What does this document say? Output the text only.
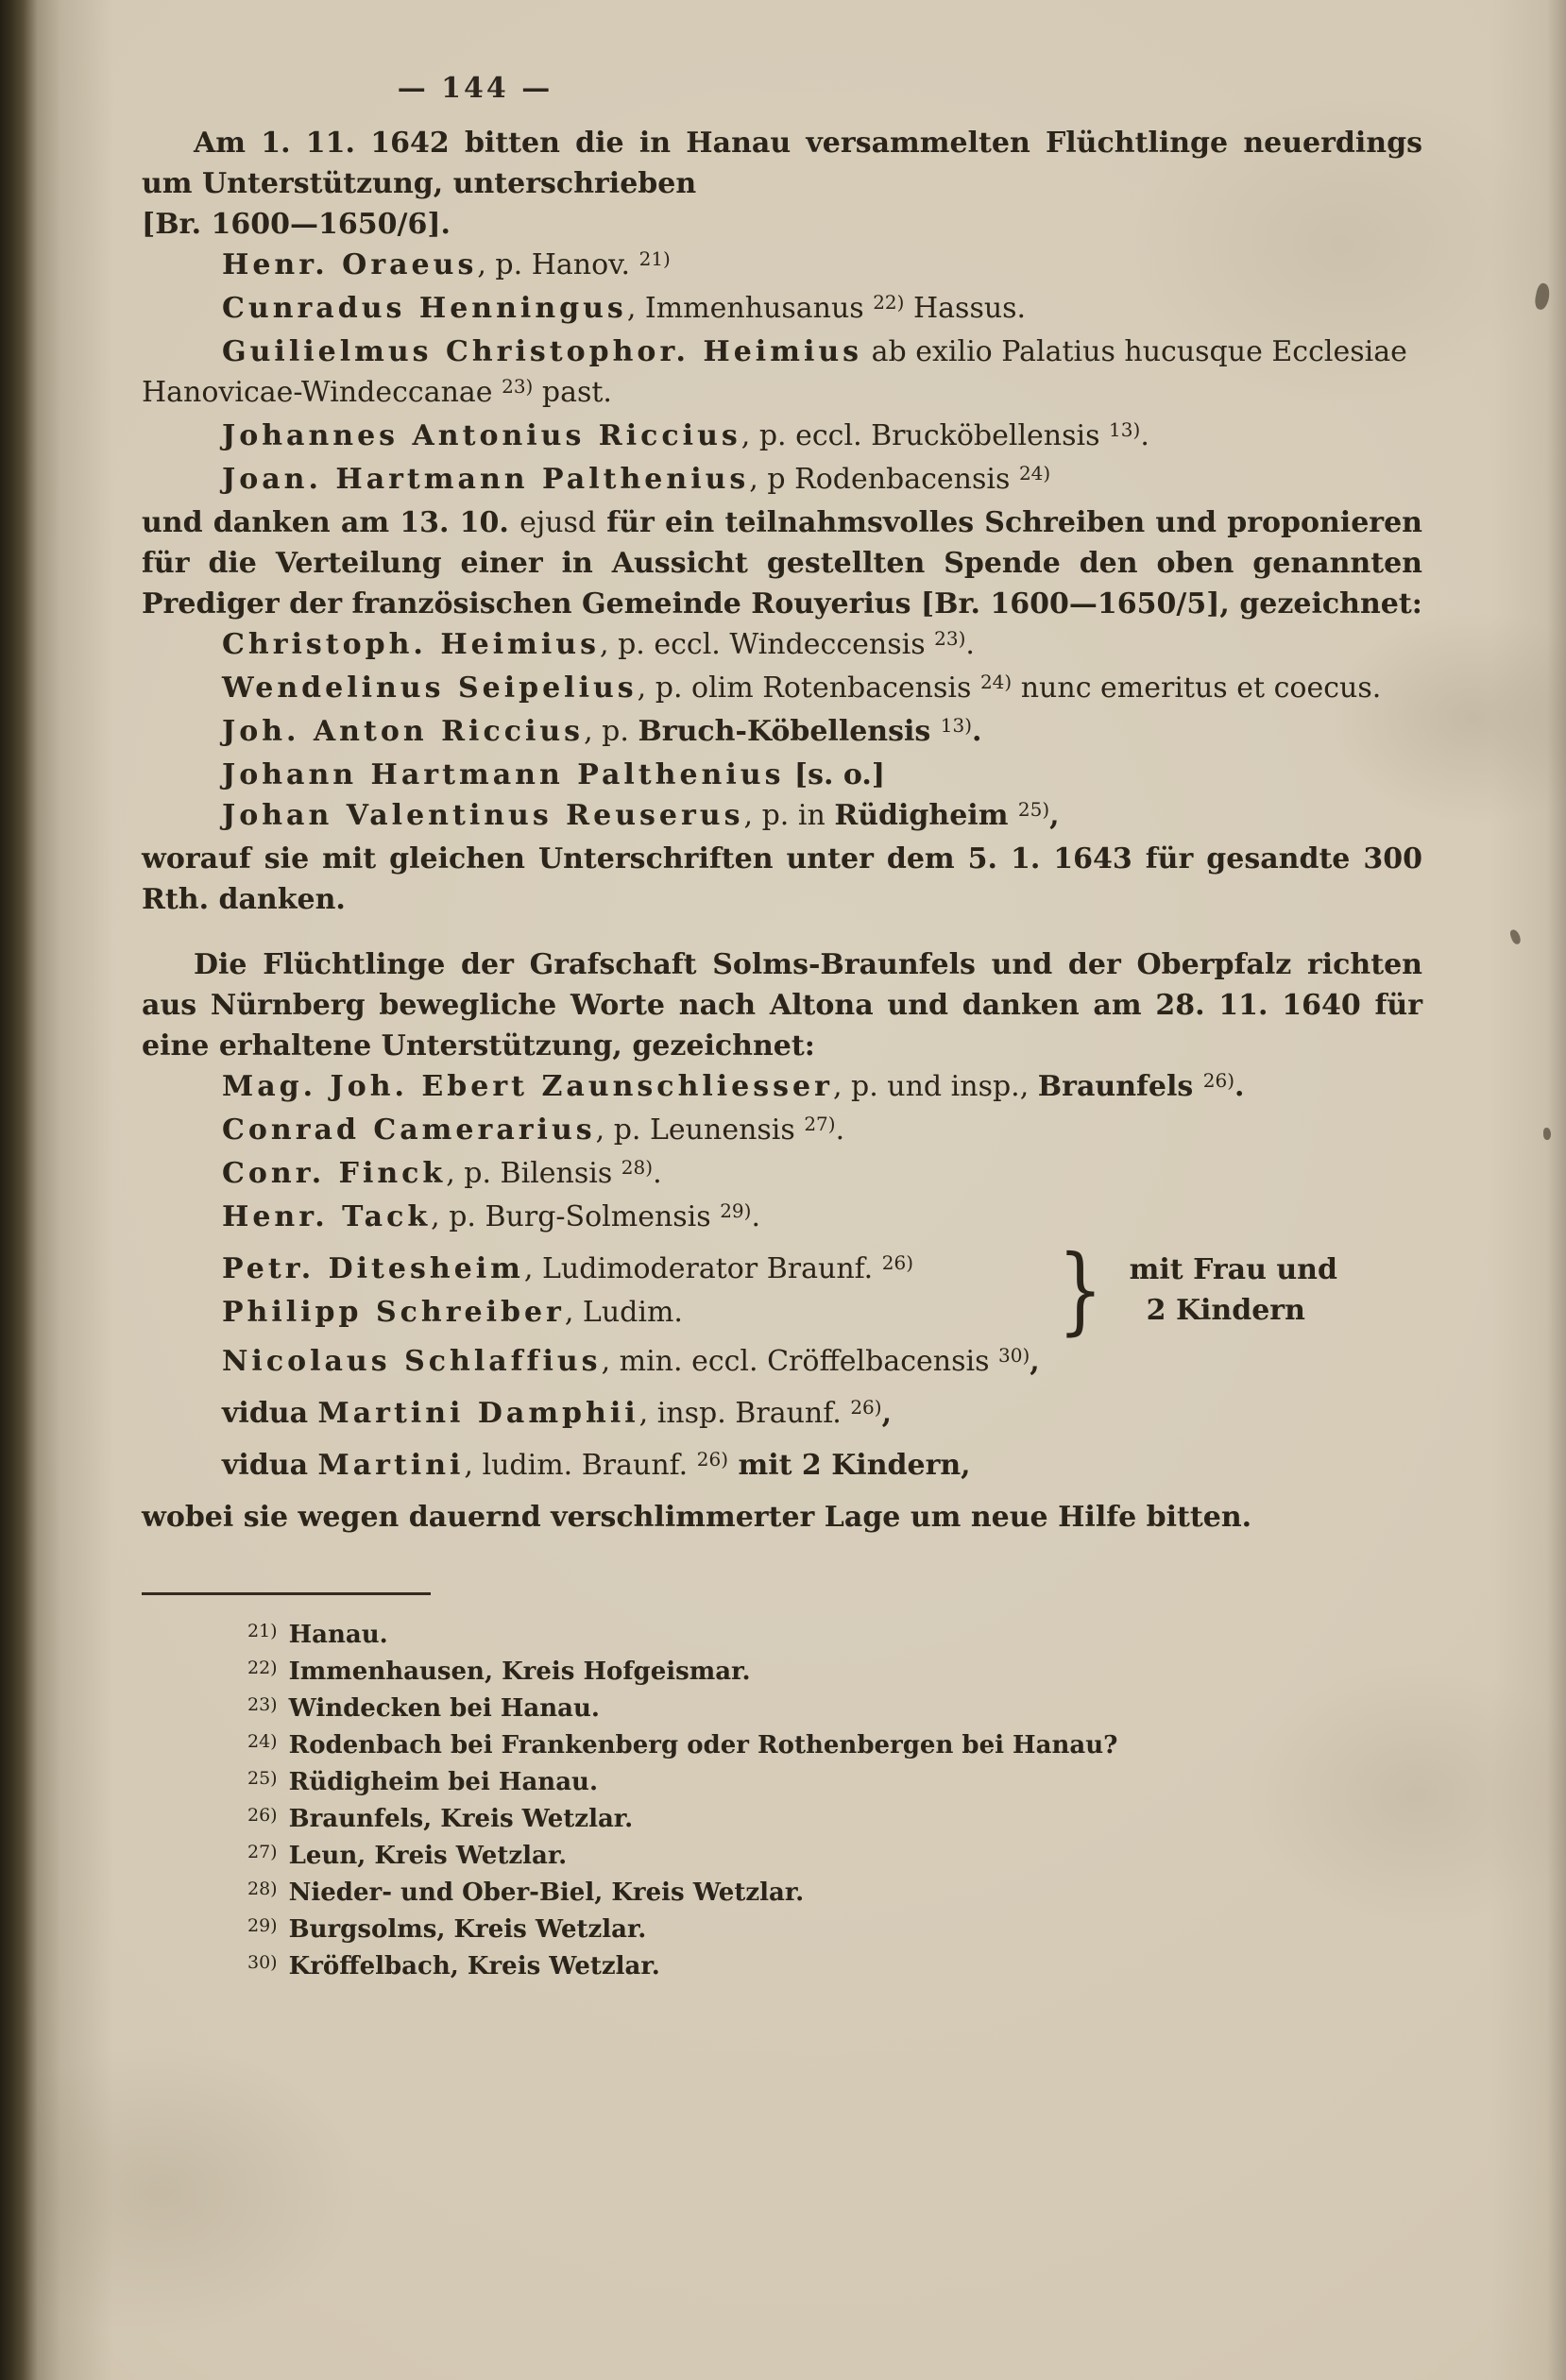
— 144 —

Am 1. 11. 1642 bitten die in Hanau versammelten Flüchtlinge neuerdings um Unterstützung, unterschrieben

[Br. 1600—1650/6].

Henr. Oraeus, p. Hanov. $^{21)}$

Cunradus Henningus, Immenhusanus $^{22)}$ Hassus.

Guilielmus Christophor. Heimius ab exilio Palatius hucusque Ecclesiae Hanovicae-Windeccanae $^{23)}$ past.

Johannes Antonius Riccius, p. eccl. Brucköbellensis $^{13)}$.

Joan. Hartmann Palthenius, p Rodenbacensis $^{24)}$

und danken am 13. 10. ejusd für ein teilnahmsvolles Schreiben und proponieren für die Verteilung einer in Aussicht gestellten Spende den oben genannten Prediger der französischen Gemeinde Rouyerius [Br. 1600—1650/5], gezeichnet:

Christoph. Heimius, p. eccl. Windeccensis $^{23)}$.

Wendelinus Seipelius, p. olim Rotenbacensis $^{24)}$ nunc emeritus et coecus.

Joh. Anton Riccius, p. Bruch-Köbellensis $^{13)}$.

Johann Hartmann Palthenius [s. o.]

Johan Valentinus Reuserus, p. in Rüdigheim $^{25)}$,

worauf sie mit gleichen Unterschriften unter dem 5. 1. 1643 für gesandte 300 Rth. danken.

Die Flüchtlinge der Grafschaft Solms-Braunfels und der Oberpfalz richten aus Nürnberg bewegliche Worte nach Altona und danken am 28. 11. 1640 für eine erhaltene Unterstützung, gezeichnet:

Mag. Joh. Ebert Zaunschliesser, p. und insp., Braunfels $^{26)}$.

Conrad Camerarius, p. Leunensis $^{27)}$.

Conr. Finck, p. Bilensis $^{28)}$.

Henr. Tack, p. Burg-Solmensis $^{29)}$.

Petr. Ditesheim, Ludimoderator Braunf. $^{26)}$

Philipp Schreiber, Ludim.	} mit Frau und
2 Kindern

Nicolaus Schlaffius, min. eccl. Cröffelbacensis $^{30)}$,

vidua Martini Damphii, insp. Braunf. $^{26)}$,

vidua Martini, ludim. Braunf. $^{26)}$ mit 2 Kindern,

wobei sie wegen dauernd verschlimmerter Lage um neue Hilfe bitten.

$^{21)}$ Hanau.

$^{22)}$ Immenhausen, Kreis Hofgeismar.

$^{23)}$ Windecken bei Hanau.

$^{24)}$ Rodenbach bei Frankenberg oder Rothenbergen bei Hanau?

$^{25)}$ Rüdigheim bei Hanau.

$^{26)}$ Braunfels, Kreis Wetzlar.

$^{27)}$ Leun, Kreis Wetzlar.

$^{28)}$ Nieder- und Ober-Biel, Kreis Wetzlar.

$^{29)}$ Burgsolms, Kreis Wetzlar.

$^{30)}$ Kröffelbach, Kreis Wetzlar.
